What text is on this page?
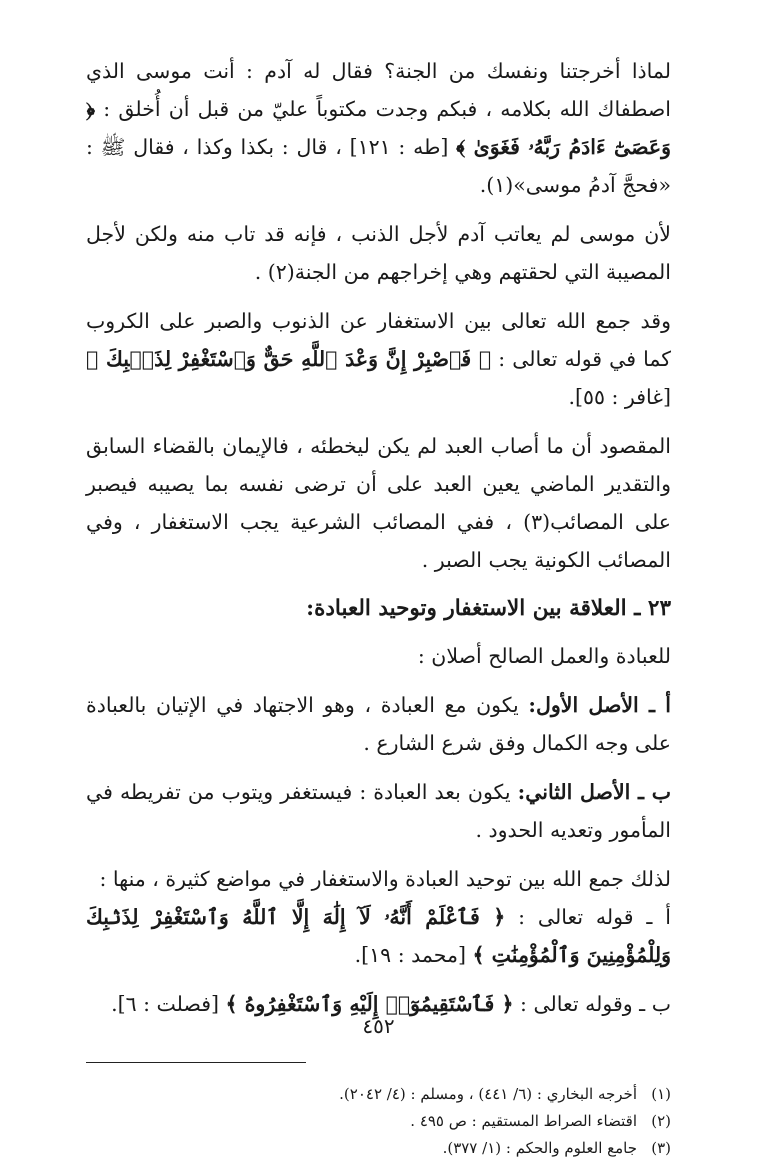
لماذا أخرجتنا ونفسك من الجنة؟ فقال له آدم : أنت موسى الذي اصطفاك الله بكلامه ، فبكم وجدت مكتوباً عليّ من قبل أن أُخلق : ﴿ وَعَصَىٰٓ ءَادَمُ رَبَّهُۥ فَغَوَىٰ ﴾ [طه : ١٢١] ، قال : بكذا وكذا ، فقال ﷺ : «فحجَّ آدمُ موسى»(١).

لأن موسى لم يعاتب آدم لأجل الذنب ، فإنه قد تاب منه ولكن لأجل المصيبة التي لحقتهم وهي إخراجهم من الجنة(٢) .

وقد جمع الله تعالى بين الاستغفار عن الذنوب والصبر على الكروب كما في قوله تعالى : ﴿ فَٱصْبِرْ إِنَّ وَعْدَ ٱللَّهِ حَقٌّ وَٱسْتَغْفِرْ لِذَنۢبِكَ ﴾ [غافر : ٥٥].

المقصود أن ما أصاب العبد لم يكن ليخطئه ، فالإيمان بالقضاء السابق والتقدير الماضي يعين العبد على أن ترضى نفسه بما يصيبه فيصبر على المصائب(٣) ، ففي المصائب الشرعية يجب الاستغفار ، وفي المصائب الكونية يجب الصبر .

٢٣ ـ العلاقة بين الاستغفار وتوحيد العبادة:

للعبادة والعمل الصالح أصلان :

أ ـ الأصل الأول: يكون مع العبادة ، وهو الاجتهاد في الإتيان بالعبادة على وجه الكمال وفق شرع الشارع .

ب ـ الأصل الثاني: يكون بعد العبادة : فيستغفر ويتوب من تفريطه في المأمور وتعديه الحدود .

لذلك جمع الله بين توحيد العبادة والاستغفار في مواضع كثيرة ، منها :
أ ـ قوله تعالى : ﴿ فَٱعْلَمْ أَنَّهُۥ لَآ إِلَٰهَ إِلَّا ٱللَّهُ وَٱسْتَغْفِرْ لِذَنۢبِكَ وَلِلْمُؤْمِنِينَ وَٱلْمُؤْمِنَٰتِ ﴾ [محمد : ١٩].

ب ـ وقوله تعالى : ﴿ فَٱسْتَقِيمُوٓا۟ إِلَيْهِ وَٱسْتَغْفِرُوهُ ﴾ [فصلت : ٦].

(١)
أخرجه البخاري : (٦/ ٤٤١) ، ومسلم : (٤/ ٢٠٤٢).
(٢)
اقتضاء الصراط المستقيم : ص ٤٩٥ .
(٣)
جامع العلوم والحكم : (١/ ٣٧٧).
٤٥٢
